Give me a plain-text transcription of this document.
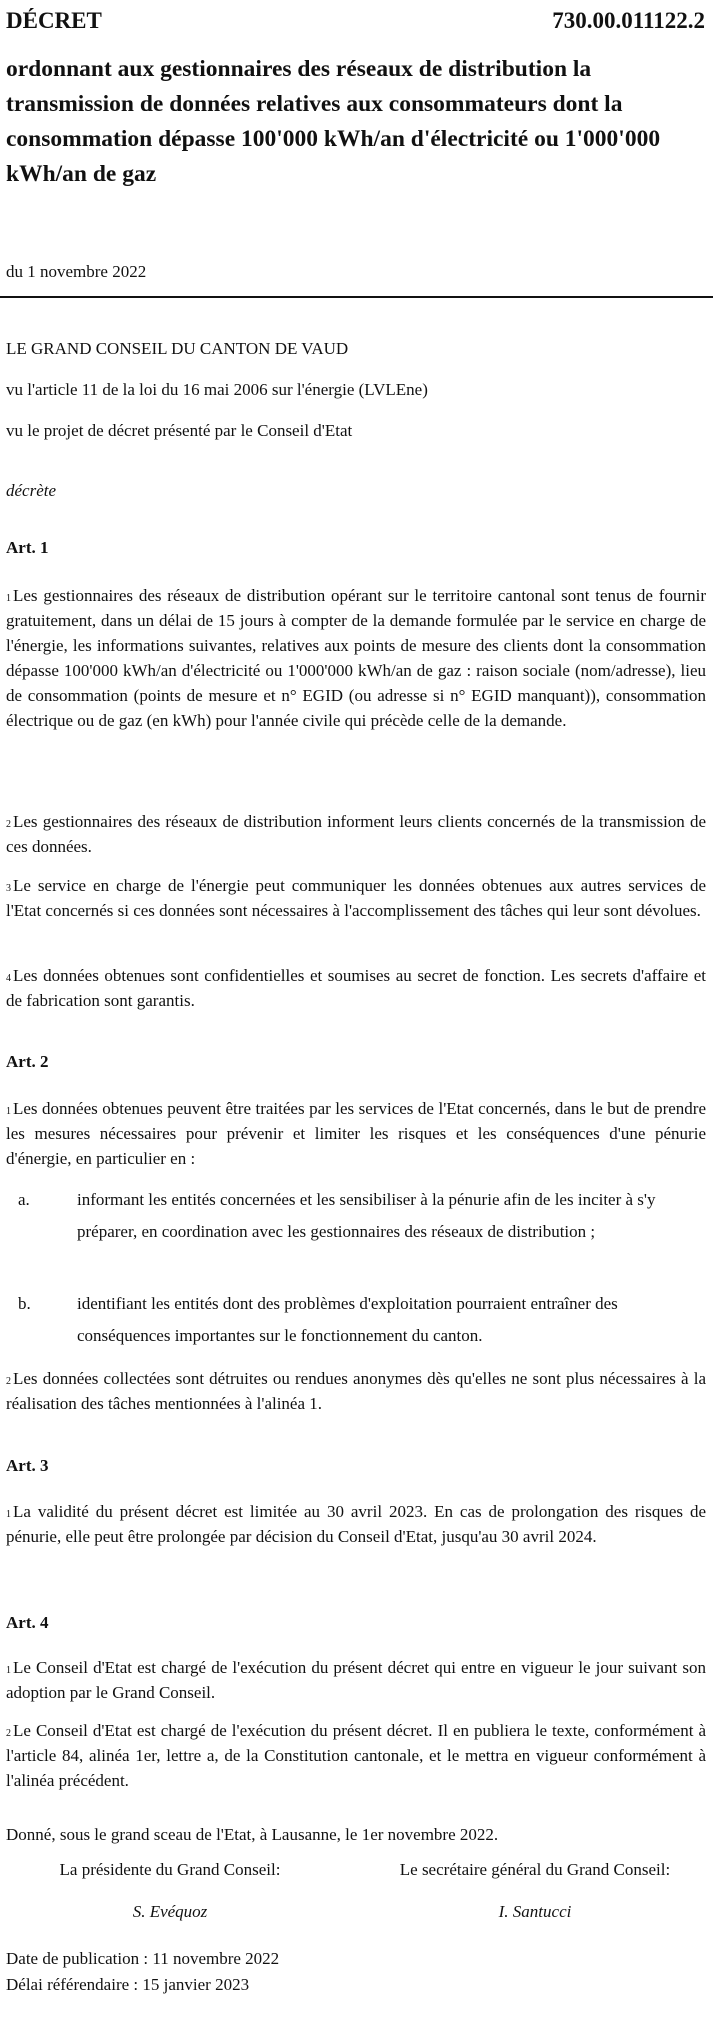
DÉCRET	730.00.011122.2
ordonnant aux gestionnaires des réseaux de distribution la transmission de données relatives aux consommateurs dont la consommation dépasse 100'000 kWh/an d'électricité ou 1'000'000 kWh/an de gaz
du 1 novembre 2022
LE GRAND CONSEIL DU CANTON DE VAUD
vu l'article 11 de la loi du 16 mai 2006 sur l'énergie (LVLEne)
vu le projet de décret présenté par le Conseil d'Etat
décrète
Art. 1
$^1$ Les gestionnaires des réseaux de distribution opérant sur le territoire cantonal sont tenus de fournir gratuitement, dans un délai de 15 jours à compter de la demande formulée par le service en charge de l'énergie, les informations suivantes, relatives aux points de mesure des clients dont la consommation dépasse 100'000 kWh/an d'électricité ou 1'000'000 kWh/an de gaz : raison sociale (nom/adresse), lieu de consommation (points de mesure et n° EGID (ou adresse si n° EGID manquant)), consommation électrique ou de gaz (en kWh) pour l'année civile qui précède celle de la demande.
$^2$ Les gestionnaires des réseaux de distribution informent leurs clients concernés de la transmission de ces données.
$^3$ Le service en charge de l'énergie peut communiquer les données obtenues aux autres services de l'Etat concernés si ces données sont nécessaires à l'accomplissement des tâches qui leur sont dévolues.
$^4$ Les données obtenues sont confidentielles et soumises au secret de fonction. Les secrets d'affaire et de fabrication sont garantis.
Art. 2
$^1$ Les données obtenues peuvent être traitées par les services de l'Etat concernés, dans le but de prendre les mesures nécessaires pour prévenir et limiter les risques et les conséquences d'une pénurie d'énergie, en particulier en :
a.	informant les entités concernées et les sensibiliser à la pénurie afin de les inciter à s'y préparer, en coordination avec les gestionnaires des réseaux de distribution ;
b.	identifiant les entités dont des problèmes d'exploitation pourraient entraîner des conséquences importantes sur le fonctionnement du canton.
$^2$ Les données collectées sont détruites ou rendues anonymes dès qu'elles ne sont plus nécessaires à la réalisation des tâches mentionnées à l'alinéa 1.
Art. 3
$^1$ La validité du présent décret est limitée au 30 avril 2023. En cas de prolongation des risques de pénurie, elle peut être prolongée par décision du Conseil d'Etat, jusqu'au 30 avril 2024.
Art. 4
$^1$ Le Conseil d'Etat est chargé de l'exécution du présent décret qui entre en vigueur le jour suivant son adoption par le Grand Conseil.
$^2$ Le Conseil d'Etat est chargé de l'exécution du présent décret. Il en publiera le texte, conformément à l'article 84, alinéa 1er, lettre a, de la Constitution cantonale, et le mettra en vigueur conformément à l'alinéa précédent.
Donné, sous le grand sceau de l'Etat, à Lausanne, le 1er novembre 2022.
La présidente du Grand Conseil:	Le secrétaire général du Grand Conseil:
S. Evéquoz	I. Santucci
Date de publication : 11 novembre 2022
Délai référendaire : 15 janvier 2023
